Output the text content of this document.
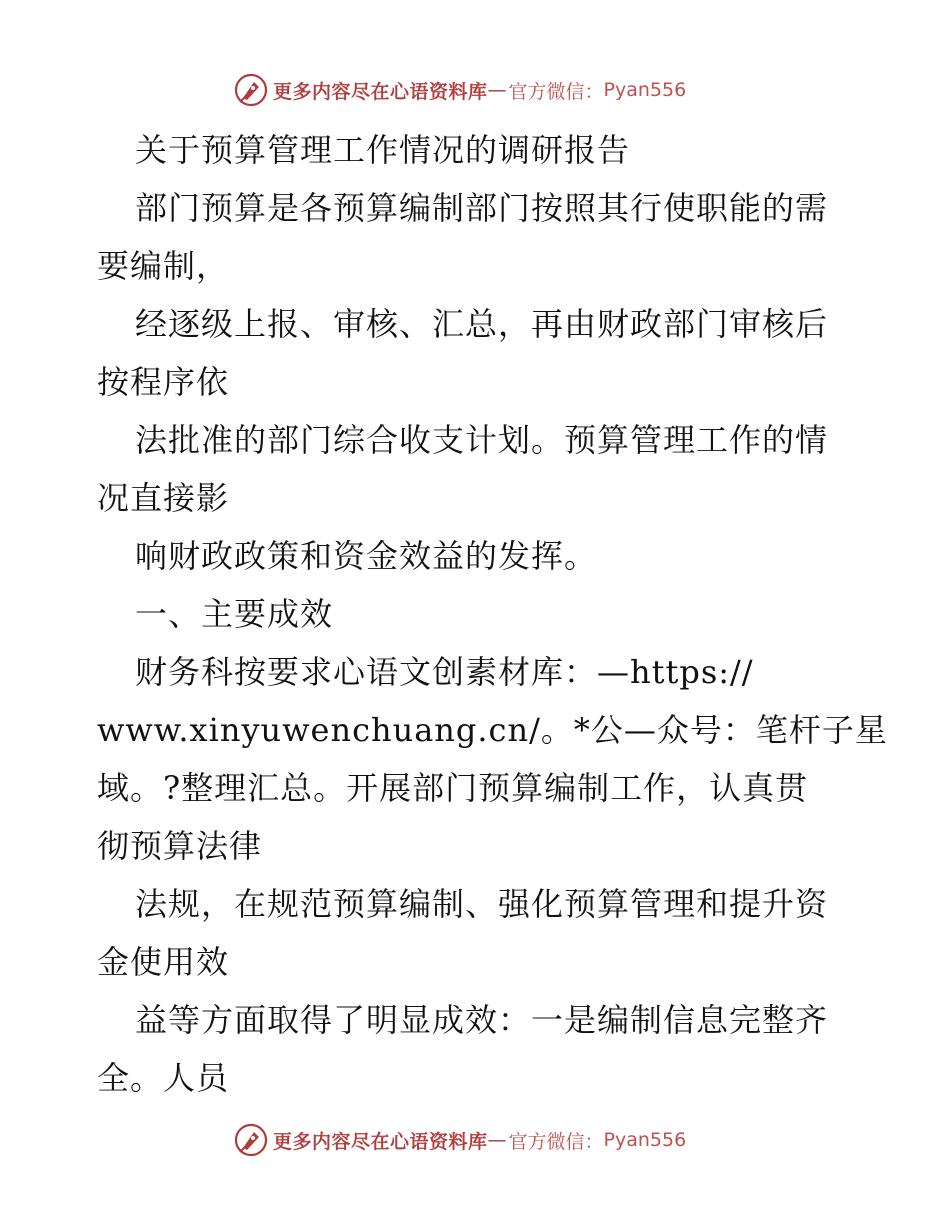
更多内容尽在心语资料库 — 官方微信： Pyan556
关于预算管理工作情况的调研报告
部门预算是各预算编制部门按照其行使职能的需
要编制，
经逐级上报、审核、汇总，再由财政部门审核后
按程序依
法批准的部门综合收支计划。预算管理工作的情
况直接影
响财政政策和资金效益的发挥。
一、主要成效
财务科按要求心语文创素材库：—https://
www.xinyuwenchuang.cn/。*公—众号：笔杆子星
域。?整理汇总。开展部门预算编制工作，认真贯
彻预算法律
法规，在规范预算编制、强化预算管理和提升资
金使用效
益等方面取得了明显成效：一是编制信息完整齐
全。人员
更多内容尽在心语资料库 — 官方微信： Pyan556
